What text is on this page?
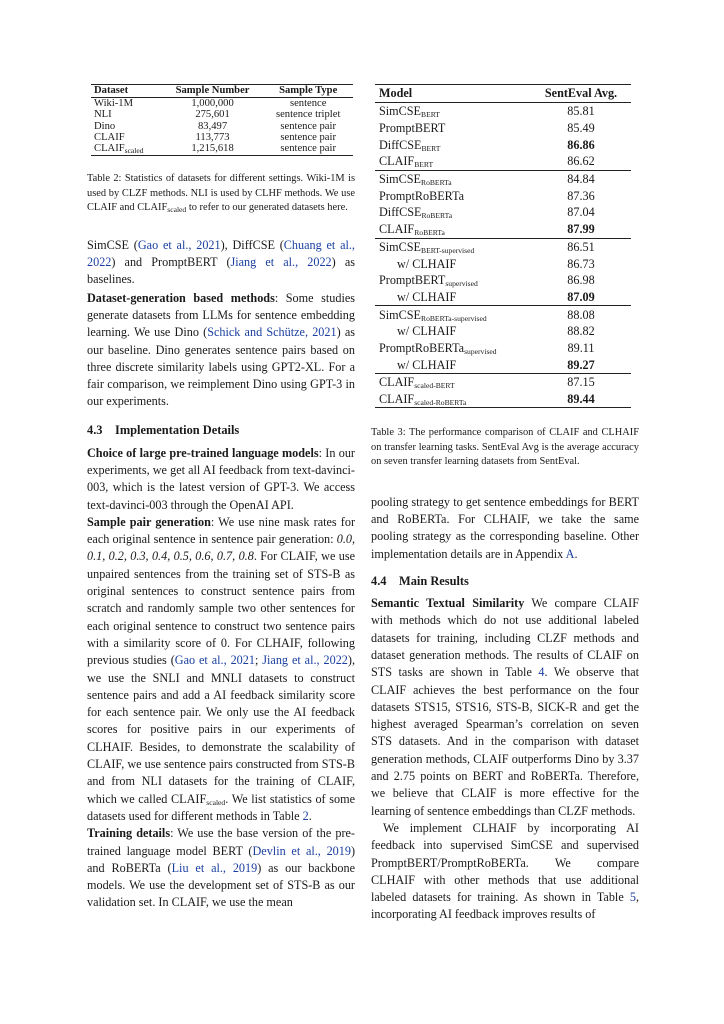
Dataset	Sample Number	Sample Type
Wiki-1M	1,000,000	sentence
NLI	275,601	sentence triplet
Dino	83,497	sentence pair
CLAIF	113,773	sentence pair
$CLAIF_{scaled}$	1,215,618	sentence pair
Table 2: Statistics of datasets for different settings. Wiki-1M is used by CLZF methods. NLI is used by CLHF methods. We use CLAIF and $CLAIF_{scaled}$ to refer to our generated datasets here.

SimCSE (Gao et al., 2021), DiffCSE (Chuang et al., 2022) and PromptBERT (Jiang et al., 2022) as baselines.

Dataset-generation based methods: Some studies generate datasets from LLMs for sentence embedding learning. We use Dino (Schick and Schütze, 2021) as our baseline. Dino generates sentence pairs based on three discrete similarity labels using GPT2-XL. For a fair comparison, we reimplement Dino using GPT-3 in our experiments.

4.3 Implementation Details

Choice of large pre-trained language models: In our experiments, we get all AI feedback from text-davinci-003, which is the latest version of GPT-3. We access text-davinci-003 through the OpenAI API.

Sample pair generation: We use nine mask rates for each original sentence in sentence pair generation: 0.0, 0.1, 0.2, 0.3, 0.4, 0.5, 0.6, 0.7, 0.8. For CLAIF, we use unpaired sentences from the training set of STS-B as original sentences to construct sentence pairs from scratch and randomly sample two other sentences for each original sentence to construct two sentence pairs with a similarity score of 0. For CLHAIF, following previous studies (Gao et al., 2021; Jiang et al., 2022), we use the SNLI and MNLI datasets to construct sentence pairs and add a AI feedback similarity score for each sentence pair. We only use the AI feedback scores for positive pairs in our experiments of CLHAIF. Besides, to demonstrate the scalability of CLAIF, we use sentence pairs constructed from STS-B and from NLI datasets for the training of CLAIF, which we called $CLAIF_{scaled}$. We list statistics of some datasets used for different methods in Table 2.

Training details: We use the base version of the pre-trained language model BERT (Devlin et al., 2019) and RoBERTa (Liu et al., 2019) as our backbone models. We use the development set of STS-B as our validation set. In CLAIF, we use the mean

Model	SentEval Avg.
SimCSE$_{BERT}$	85.81
PromptBERT	85.49
DiffCSE$_{BERT}$	86.86
$CLAIF_{BERT}$	86.62
SimCSE$_{RoBERTa}$	84.84
PromptRoBERTa	87.36
DiffCSE$_{RoBERTa}$	87.04
$CLAIF_{RoBERTa}$	87.99
SimCSE$_{BERT-supervised}$	86.51
w/ CLHAIF	86.73
PromptBERT$_{supervised}$	86.98
w/ CLHAIF	87.09
SimCSE$_{RoBERTa-supervised}$	88.08
w/ CLHAIF	88.82
PromptRoBERTa$_{supervised}$	89.11
w/ CLHAIF	89.27
$CLAIF_{scaled-BERT}$	87.15
$CLAIF_{scaled-RoBERTa}$	89.44
Table 3: The performance comparison of CLAIF and CLHAIF on transfer learning tasks. SentEval Avg is the average accuracy on seven transfer learning datasets from SentEval.

pooling strategy to get sentence embeddings for BERT and RoBERTa. For CLHAIF, we take the same pooling strategy as the corresponding baseline. Other implementation details are in Appendix A.

4.4 Main Results

Semantic Textual Similarity We compare CLAIF with methods which do not use additional labeled datasets for training, including CLZF methods and dataset generation methods. The results of CLAIF on STS tasks are shown in Table 4. We observe that CLAIF achieves the best performance on the four datasets STS15, STS16, STS-B, SICK-R and get the highest averaged Spearman’s correlation on seven STS datasets. And in the comparison with dataset generation methods, CLAIF outperforms Dino by 3.37 and 2.75 points on BERT and RoBERTa. Therefore, we believe that CLAIF is more effective for the learning of sentence embeddings than CLZF methods.

We implement CLHAIF by incorporating AI feedback into supervised SimCSE and supervised PromptBERT/PromptRoBERTa. We compare CLHAIF with other methods that use additional labeled datasets for training. As shown in Table 5, incorporating AI feedback improves results of
